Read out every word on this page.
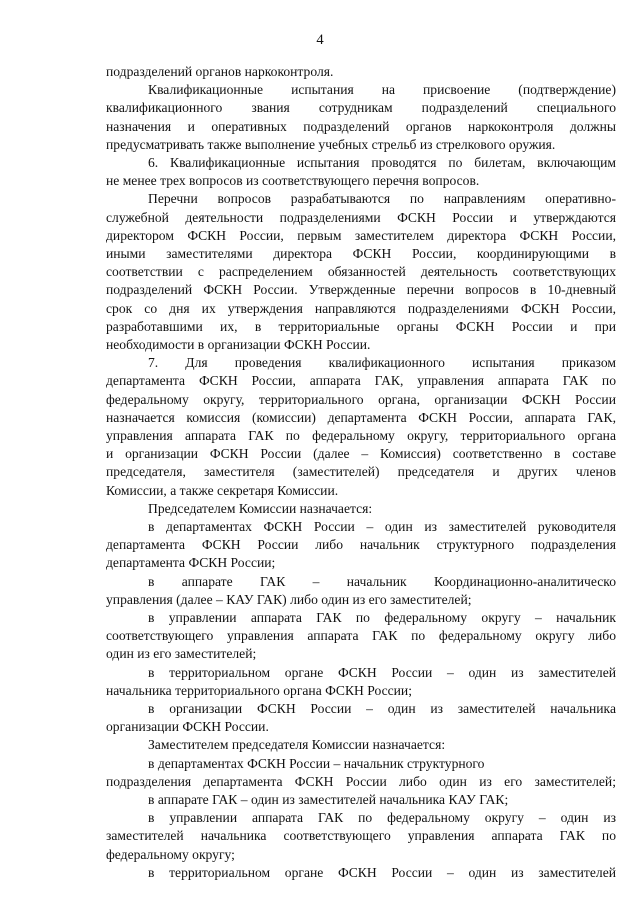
4
подразделений органов наркоконтроля.
Квалификационные испытания на присвоение (подтверждение)
квалификационного звания сотрудникам подразделений специального
назначения и оперативных подразделений органов наркоконтроля должны
предусматривать также выполнение учебных стрельб из стрелкового оружия.
6. Квалификационные испытания проводятся по билетам, включающим
не менее трех вопросов из соответствующего перечня вопросов.
Перечни вопросов разрабатываются по направлениям оперативно-
служебной деятельности подразделениями ФСКН России и утверждаются
директором ФСКН России, первым заместителем директора ФСКН России,
иными заместителями директора ФСКН России, координирующими в
соответствии с распределением обязанностей деятельность соответствующих
подразделений ФСКН России. Утвержденные перечни вопросов в 10-дневный
срок со дня их утверждения направляются подразделениями ФСКН России,
разработавшими их, в территориальные органы ФСКН России и при
необходимости в организации ФСКН России.
7. Для проведения квалификационного испытания приказом
департамента ФСКН России, аппарата ГАК, управления аппарата ГАК по
федеральному округу, территориального органа, организации ФСКН России
назначается комиссия (комиссии) департамента ФСКН России, аппарата ГАК,
управления аппарата ГАК по федеральному округу, территориального органа
и организации ФСКН России (далее – Комиссия) соответственно в составе
председателя, заместителя (заместителей) председателя и других членов
Комиссии, а также секретаря Комиссии.
Председателем Комиссии назначается:
в департаментах ФСКН России – один из заместителей руководителя
департамента ФСКН России либо начальник структурного подразделения
департамента ФСКН России;
в аппарате ГАК – начальник Координационно-аналитическо
управления (далее – КАУ ГАК) либо один из его заместителей;
в управлении аппарата ГАК по федеральному округу – начальник
соответствующего управления аппарата ГАК по федеральному округу либо
один из его заместителей;
в территориальном органе ФСКН России – один из заместителей
начальника территориального органа ФСКН России;
в организации ФСКН России – один из заместителей начальника
организации ФСКН России.
Заместителем председателя Комиссии назначается:
в департаментах ФСКН России – начальник структурного
подразделения департамента ФСКН России либо один из его заместителей;
в аппарате ГАК – один из заместителей начальника КАУ ГАК;
в управлении аппарата ГАК по федеральному округу – один из
заместителей начальника соответствующего управления аппарата ГАК по
федеральному округу;
в территориальном органе ФСКН России – один из заместителей
